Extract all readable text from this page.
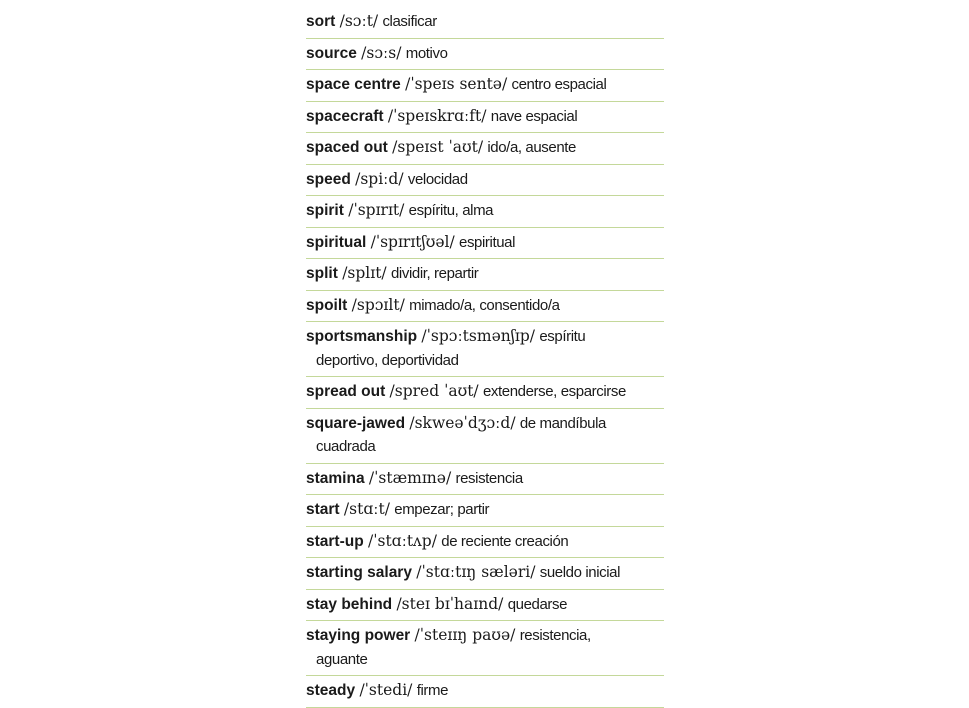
sort /sɔːt/ clasificar
source /sɔːs/ motivo
space centre /ˈspeɪs sentə/ centro espacial
spacecraft /ˈspeɪskrɑːft/ nave espacial
spaced out /speɪst ˈaʊt/ ido/a, ausente
speed /spiːd/ velocidad
spirit /ˈspɪrɪt/ espíritu, alma
spiritual /ˈspɪrɪtʃʊəl/ espiritual
split /splɪt/ dividir, repartir
spoilt /spɔɪlt/ mimado/a, consentido/a
sportsmanship /ˈspɔːtsmənʃɪp/ espíritu
deportivo, deportividad
spread out /spred ˈaʊt/ extenderse, esparcirse
square-jawed /skweəˈdʒɔːd/ de mandíbula
cuadrada
stamina /ˈstæmɪnə/ resistencia
start /stɑːt/ empezar; partir
start-up /ˈstɑːtʌp/ de reciente creación
starting salary /ˈstɑːtɪŋ sæləri/ sueldo inicial
stay behind /steɪ bɪˈhaɪnd/ quedarse
staying power /ˈsteɪɪŋ paʊə/ resistencia,
aguante
steady /ˈstedi/ firme
